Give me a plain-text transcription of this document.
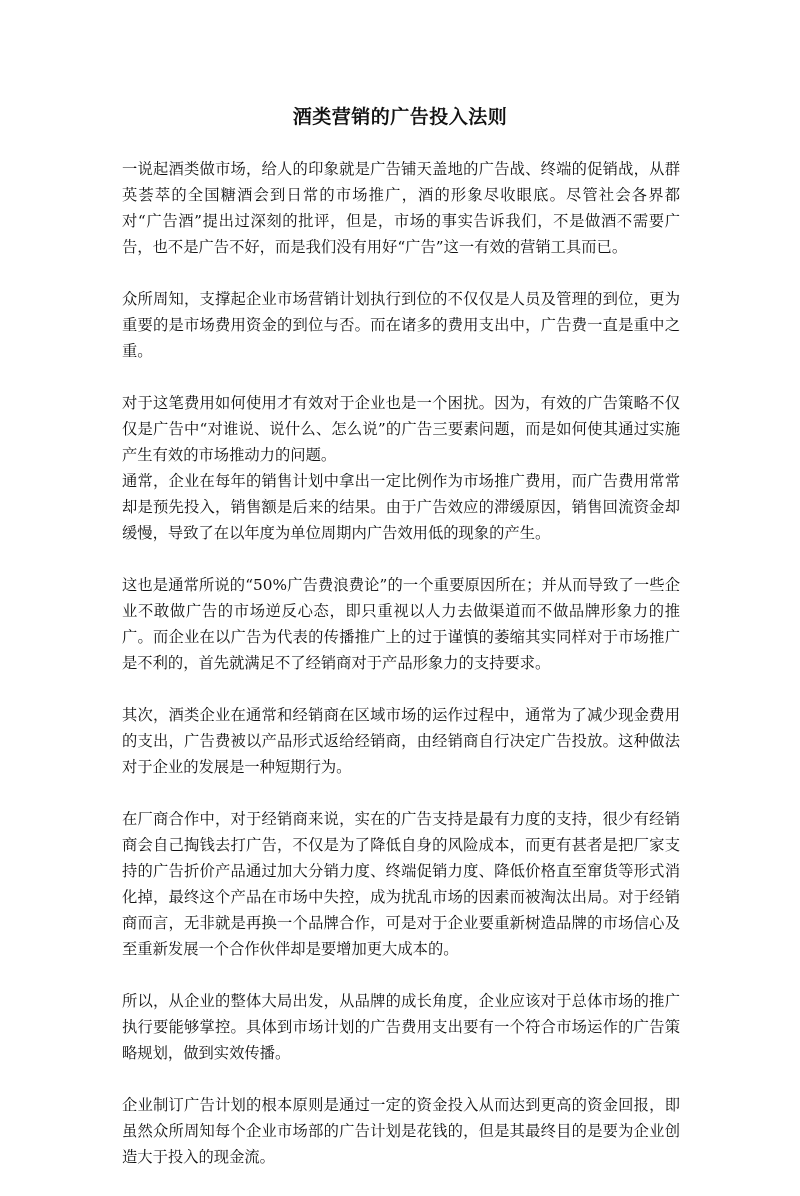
酒类营销的广告投入法则

一说起酒类做市场，给人的印象就是广告铺天盖地的广告战、终端的促销战，从群英荟萃的全国糖酒会到日常的市场推广，酒的形象尽收眼底。尽管社会各界都对“广告酒”提出过深刻的批评，但是，市场的事实告诉我们，不是做酒不需要广告，也不是广告不好，而是我们没有用好“广告”这一有效的营销工具而已。

众所周知，支撑起企业市场营销计划执行到位的不仅仅是人员及管理的到位，更为重要的是市场费用资金的到位与否。而在诸多的费用支出中，广告费一直是重中之重。

对于这笔费用如何使用才有效对于企业也是一个困扰。因为，有效的广告策略不仅仅是广告中“对谁说、说什么、怎么说”的广告三要素问题，而是如何使其通过实施产生有效的市场推动力的问题。

通常，企业在每年的销售计划中拿出一定比例作为市场推广费用，而广告费用常常却是预先投入，销售额是后来的结果。由于广告效应的滞缓原因，销售回流资金却缓慢，导致了在以年度为单位周期内广告效用低的现象的产生。

这也是通常所说的“50%广告费浪费论”的一个重要原因所在；并从而导致了一些企业不敢做广告的市场逆反心态，即只重视以人力去做渠道而不做品牌形象力的推广。而企业在以广告为代表的传播推广上的过于谨慎的萎缩其实同样对于市场推广是不利的，首先就满足不了经销商对于产品形象力的支持要求。

其次，酒类企业在通常和经销商在区域市场的运作过程中，通常为了减少现金费用的支出，广告费被以产品形式返给经销商，由经销商自行决定广告投放。这种做法对于企业的发展是一种短期行为。

在厂商合作中，对于经销商来说，实在的广告支持是最有力度的支持，很少有经销商会自己掏钱去打广告，不仅是为了降低自身的风险成本，而更有甚者是把厂家支持的广告折价产品通过加大分销力度、终端促销力度、降低价格直至窜货等形式消化掉，最终这个产品在市场中失控，成为扰乱市场的因素而被淘汰出局。对于经销商而言，无非就是再换一个品牌合作，可是对于企业要重新树造品牌的市场信心及至重新发展一个合作伙伴却是要增加更大成本的。

所以，从企业的整体大局出发，从品牌的成长角度，企业应该对于总体市场的推广执行要能够掌控。具体到市场计划的广告费用支出要有一个符合市场运作的广告策略规划，做到实效传播。

企业制订广告计划的根本原则是通过一定的资金投入从而达到更高的资金回报，即虽然众所周知每个企业市场部的广告计划是花钱的，但是其最终目的是要为企业创造大于投入的现金流。
